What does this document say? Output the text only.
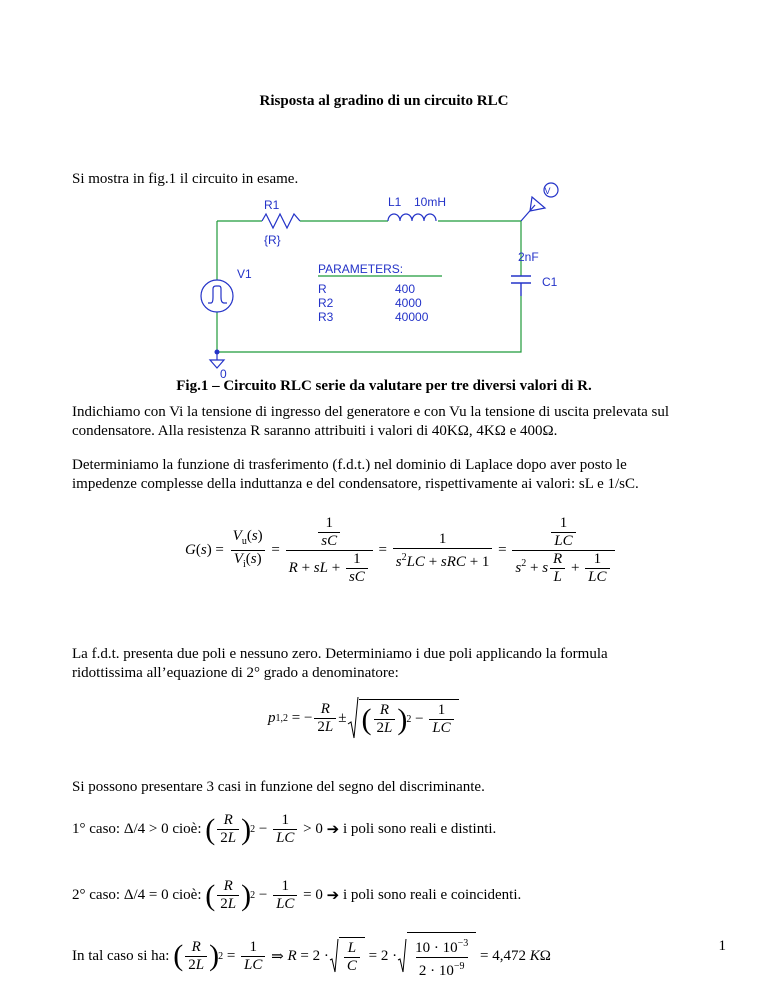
Risposta al gradino di un circuito RLC
Si mostra in fig.1 il circuito in esame.
V
R1
{R}
L1 10mH
2nF
C1
V1
0
PARAMETERS:
R	400
R2	4000
R3	40000
Fig.1 – Circuito RLC serie da valutare per tre diversi valori di R.
Indichiamo con Vi la tensione di ingresso del generatore e con Vu la tensione di uscita prelevata sul
condensatore. Alla resistenza R saranno attribuiti i valori di 40KΩ, 4KΩ e 400Ω.
Determiniamo la funzione di trasferimento (f.d.t.) nel dominio di Laplace dopo aver posto le
impedenze complesse della induttanza e del condensatore, rispettivamente ai valori: sL e 1/sC.
G ( s ) = $\frac{V_u(s)}{V_i(s)} = \frac{\frac{1}{sC}}{R + sL + \frac{1}{sC}} = \frac{1}{s^2LC + sRC + 1} = \frac{\frac{1}{LC}}{s^2 + s \frac{R}{L} + \frac{1}{LC}}$
La f.d.t. presenta due poli e nessuno zero. Determiniamo i due poli applicando la formula
ridottissima all’equazione di 2° grado a denominatore:
p 1,2 = − $\frac{R}{2L}$ ± ( $\frac{R}{2L}$ ) $2 - \frac{1}{LC}$
Si possono presentare 3 casi in funzione del segno del discriminante.
1° caso: Δ/4 > 0 cioè:
( $\frac{R}{2L}$ ) $2 - \frac{1}{LC} > 0$ ➔
i poli sono reali e distinti.
2° caso: Δ/4 = 0 cioè:
( $\frac{R}{2L}$ ) $2 - \frac{1}{LC} = 0$ ➔
i poli sono reali e coincidenti.
In tal caso si ha:
( $\frac{R}{2L}$ ) $2 = \frac{1}{LC}$ ⇒ $R = 2 \cdot \frac{L}{C} = 2 \cdot \frac{10 \cdot 10^{-3}}{2 \cdot 10^{-9}} = 4,472$ K Ω
1
